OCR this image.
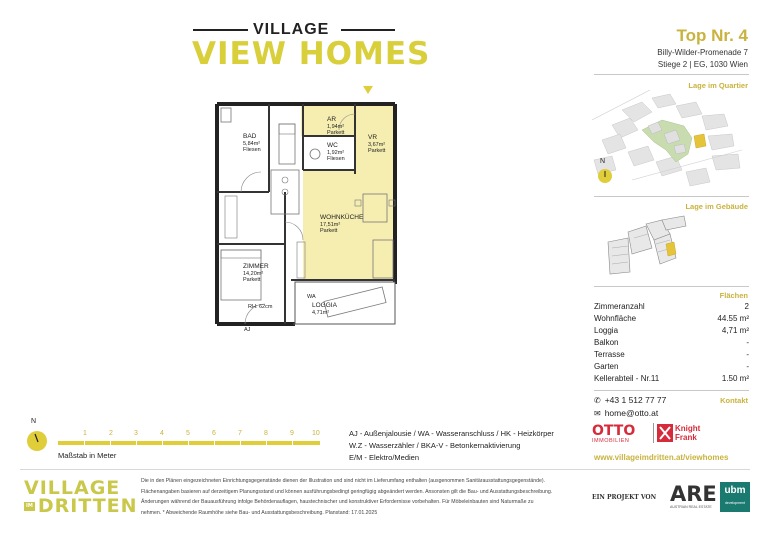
VILLAGE
VIEW HOMES
Top Nr. 4
Billy-Wilder-Promenade 7
Stiege 2 | EG, 1030 Wien
Lage im Quartier
N
Lage im Gebäude
Flächen
Zimmeranzahl	2
Wohnfläche	44.55 m²
Loggia	4,71 m²
Balkon	-
Terrasse	-
Garten	-
Kellerabteil - Nr.11	1.50 m²
Kontakt
✆ +43 1 512 77 77
✉ home@otto.at
OTTO
IMMOBILIEN
Knight
Frank
www.villageimdritten.at/viewhomes
BAD
5,84m²
Fliesen
AR
1,94m²
Parkett
WC
1,92m²
Fliesen
VR
3,67m²
Parkett
WOHNKÜCHE
17,51m²
Parkett
ZIMMER
14,20m²
Parkett
LOGGIA
4,71m²
RH: 62cm
WA
AJ
N
1	2	3	4	5	6	7	8	9	10
Maßstab in Meter
AJ - Außenjalousie / WA - Wasseranschluss / HK - Heizkörper
W.Z - Wasserzähler / BKA-V - Betonkernaktivierung
E/M - Elektro/Medien
VILLAGE
IM DRITTEN
Die in den Plänen eingezeichneten Einrichtungsgegenstände dienen der Illustration und sind nicht im Lieferumfang enthalten (ausgenommen Sanitärausstattungsgegenstände). Flächenangaben basieren auf derzeitigem Planungsstand und können ausführungsbedingt geringfügig abgeändert werden. Ansonsten gilt die Bau- und Ausstattungsbeschreibung. Änderungen während der Bauausführung infolge Behördenauflagen, haustechnischer und konstruktiver Erfordernisse vorbehalten. Für Möbeleinbauten sind Naturmaße zu nehmen. * Abweichende Raumhöhe siehe Bau- und Ausstattungsbeschreibung. Planstand: 17.01.2025
EIN PROJEKT VON ARE
AUSTRIAN REAL ESTATE
ubm
development
